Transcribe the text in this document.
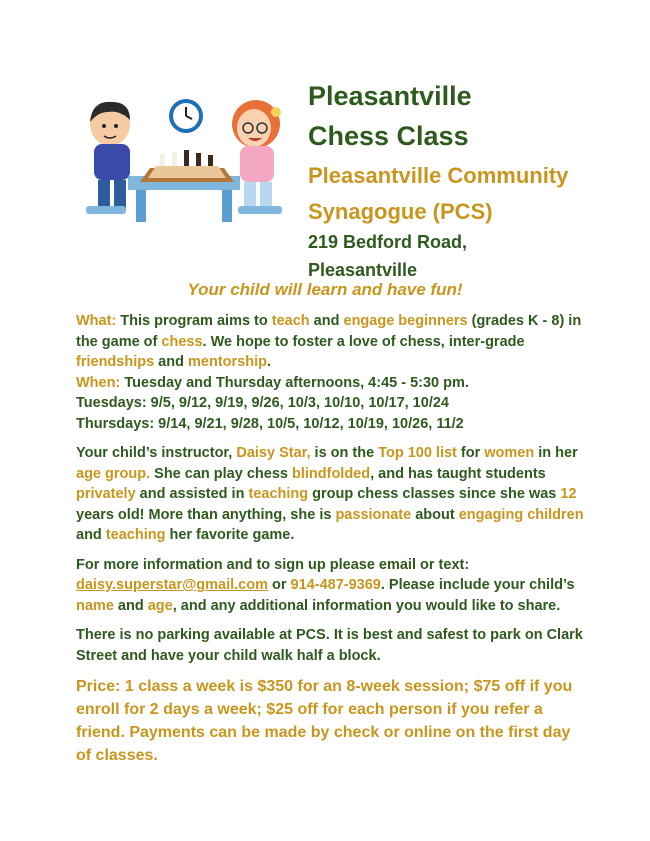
Pleasantville
Chess Class
Pleasantville Community
Synagogue (PCS)
219 Bedford Road,
Pleasantville
Your child will learn and have fun!
What: This program aims to teach and engage beginners (grades K - 8) in the game of chess. We hope to foster a love of chess, inter-grade friendships and mentorship.
When: Tuesday and Thursday afternoons, 4:45 - 5:30 pm.
Tuesdays: 9/5, 9/12, 9/19, 9/26, 10/3, 10/10, 10/17, 10/24
Thursdays: 9/14, 9/21, 9/28, 10/5, 10/12, 10/19, 10/26, 11/2
Your child’s instructor, Daisy Star, is on the Top 100 list for women in her age group. She can play chess blindfolded, and has taught students privately and assisted in teaching group chess classes since she was 12 years old! More than anything, she is passionate about engaging children and teaching her favorite game.
For more information and to sign up please email or text: daisy.superstar@gmail.com or 914-487-9369. Please include your child’s name and age, and any additional information you would like to share.
There is no parking available at PCS. It is best and safest to park on Clark Street and have your child walk half a block.
Price: 1 class a week is $350 for an 8-week session; $75 off if you enroll for 2 days a week; $25 off for each person if you refer a friend. Payments can be made by check or online on the first day of classes.
